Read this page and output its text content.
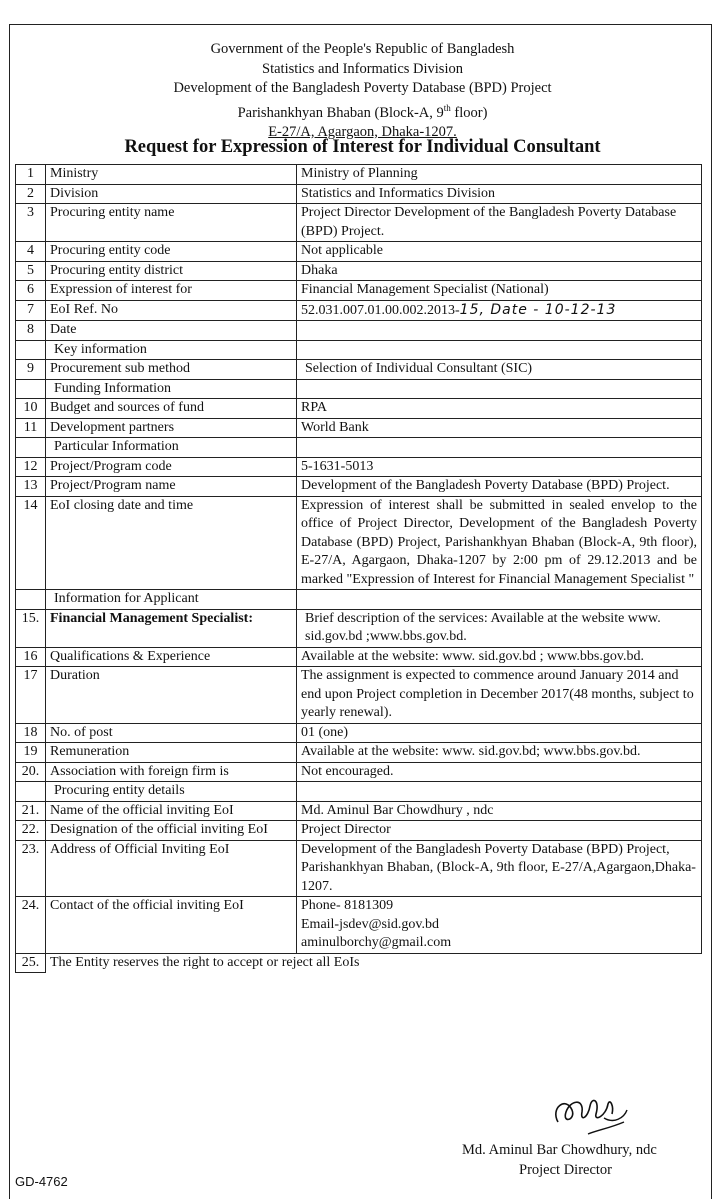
Government of the People's Republic of Bangladesh
Statistics and Informatics Division
Development of the Bangladesh Poverty Database (BPD) Project
Parishankhyan Bhaban (Block-A, 9th floor)
E-27/A, Agargaon, Dhaka-1207.
Request for Expression of Interest for Individual Consultant
1	Ministry	Ministry of Planning
2	Division	Statistics and Informatics Division
3	Procuring entity name	Project Director Development of the Bangladesh Poverty Database (BPD) Project.
4	Procuring entity code	Not applicable
5	Procuring entity district	Dhaka
6	Expression of interest for	Financial Management Specialist (National)
7	EoI Ref. No	52.031.007.01.00.002.2013-15, Date - 10-12-13
8	Date	
	Key information	
9	Procurement sub method	Selection of Individual Consultant (SIC)
	Funding Information	
10	Budget and sources of fund	RPA
11	Development partners	World Bank
	Particular Information	
12	Project/Program code	5-1631-5013
13	Project/Program name	Development of the Bangladesh Poverty Database (BPD) Project.
14	EoI closing date and time	Expression of interest shall be submitted in sealed envelop to the office of Project Director, Development of the Bangladesh Poverty Database (BPD) Project, Parishankhyan Bhaban (Block-A, 9th floor), E-27/A, Agargaon, Dhaka-1207 by 2:00 pm of 29.12.2013 and be marked "Expression of Interest for Financial Management Specialist "
	Information for Applicant	
15.	Financial Management Specialist:	Brief description of the services: Available at the website www. sid.gov.bd ;www.bbs.gov.bd.
16	Qualifications & Experience	Available at the website: www. sid.gov.bd ; www.bbs.gov.bd.
17	Duration	The assignment is expected to commence around January 2014 and end upon Project completion in December 2017(48 months, subject to yearly renewal).
18	No. of post	01 (one)
19	Remuneration	Available at the website: www. sid.gov.bd; www.bbs.gov.bd.
20.	Association with foreign firm is	Not encouraged.
	Procuring entity details	
21.	Name of the official inviting EoI	Md. Aminul Bar Chowdhury , ndc
22.	Designation of the official inviting EoI	Project Director
23.	Address of Official Inviting EoI	Development of the Bangladesh Poverty Database (BPD) Project, Parishankhyan Bhaban, (Block-A, 9th floor, E-27/A,Agargaon,Dhaka-1207.
24.	Contact of the official inviting EoI	Phone- 8181309
Email-jsdev@sid.gov.bd
aminulborchy@gmail.com

25.	The Entity reserves the right to accept or reject all EoIs	
Md. Aminul Bar Chowdhury, ndc
Project Director
GD-4762
